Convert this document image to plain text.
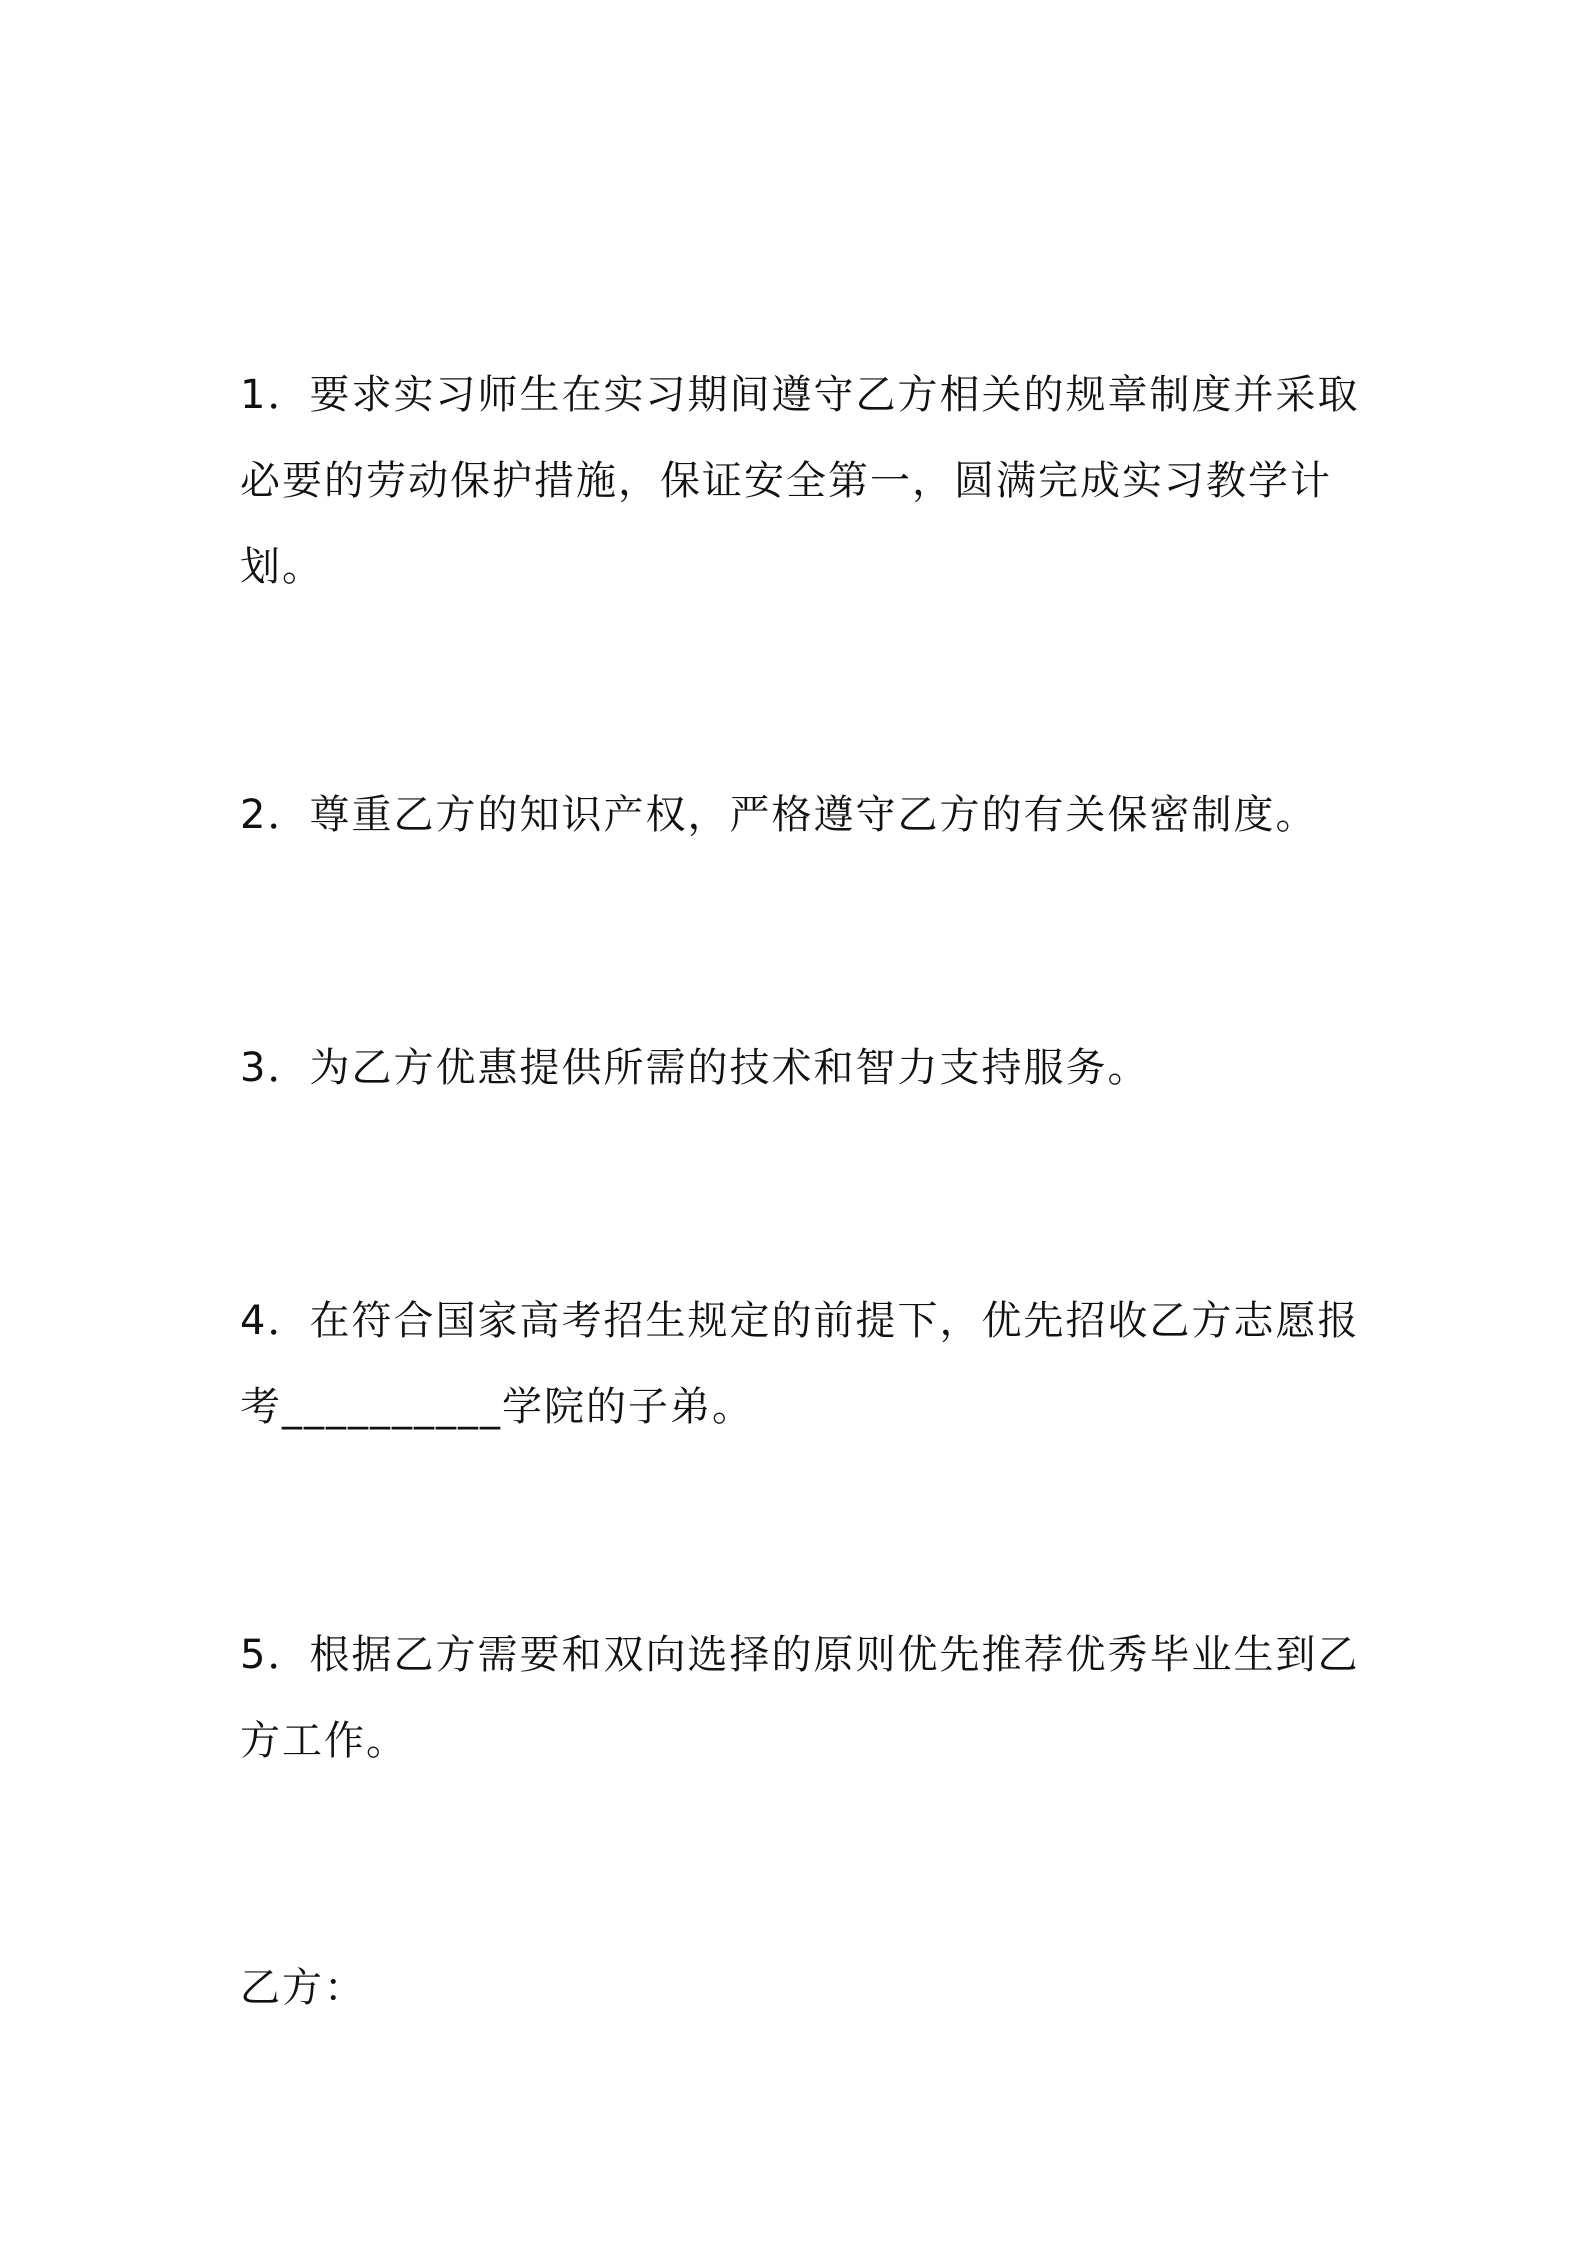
1．要求实习师生在实习期间遵守乙方相关的规章制度并采取必要的劳动保护措施，保证安全第一，圆满完成实习教学计划。

2．尊重乙方的知识产权，严格遵守乙方的有关保密制度。

3．为乙方优惠提供所需的技术和智力支持服务。

4．在符合国家高考招生规定的前提下，优先招收乙方志愿报考__________学院的子弟。

5．根据乙方需要和双向选择的原则优先推荐优秀毕业生到乙方工作。

乙方：
